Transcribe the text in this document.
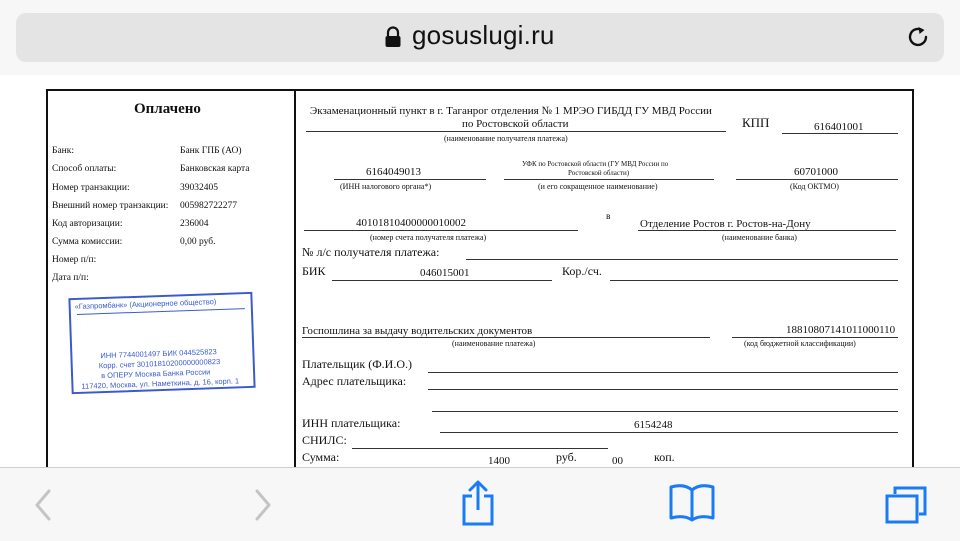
gosuslugi.ru
Оплачено
Банк:	Банк ГПБ (АО)
Способ оплаты:	Банковская карта
Номер транзакции:	39032405
Внешний номер транзакции: 005982722277
Код авторизации:	236004
Сумма комиссии:	0,00 руб.
Номер п/п:
Дата п/п:
«Газпромбанк» (Акционерное общество)
ИНН 7744001497 БИК 044525823
Корр. счет 30101810200000000823
в ОПЕРУ Москва Банка России
117420, Москва, ул. Наметкина, д. 16, корп. 1
Экзаменационный пункт в г. Таганрог отделения № 1 МРЭО ГИБДД ГУ МВД России
по Ростовской области
(наименование получателя платежа)
КПП	616401001
6164049013
(ИНН налогового органа*)
УФК по Ростовской области (ГУ МВД России по
Ростовской области)
(и его сокращенное наименование)
60701000
(Код ОКТМО)
40101810400000010002
(номер счета получателя платежа)
в
Отделение Ростов г. Ростов-на-Дону
(наименование банка)
№ л/с получателя платежа:
БИК	046015001	Кор./сч.
Госпошлина за выдачу водительских документов
(наименование платежа)
18810807141011000110
(код бюджетной классификации)
Плательщик (Ф.И.О.)
Адрес плательщика:
ИНН плательщика:	6154248
СНИЛС:
Сумма:	1400	руб.	00	коп.
